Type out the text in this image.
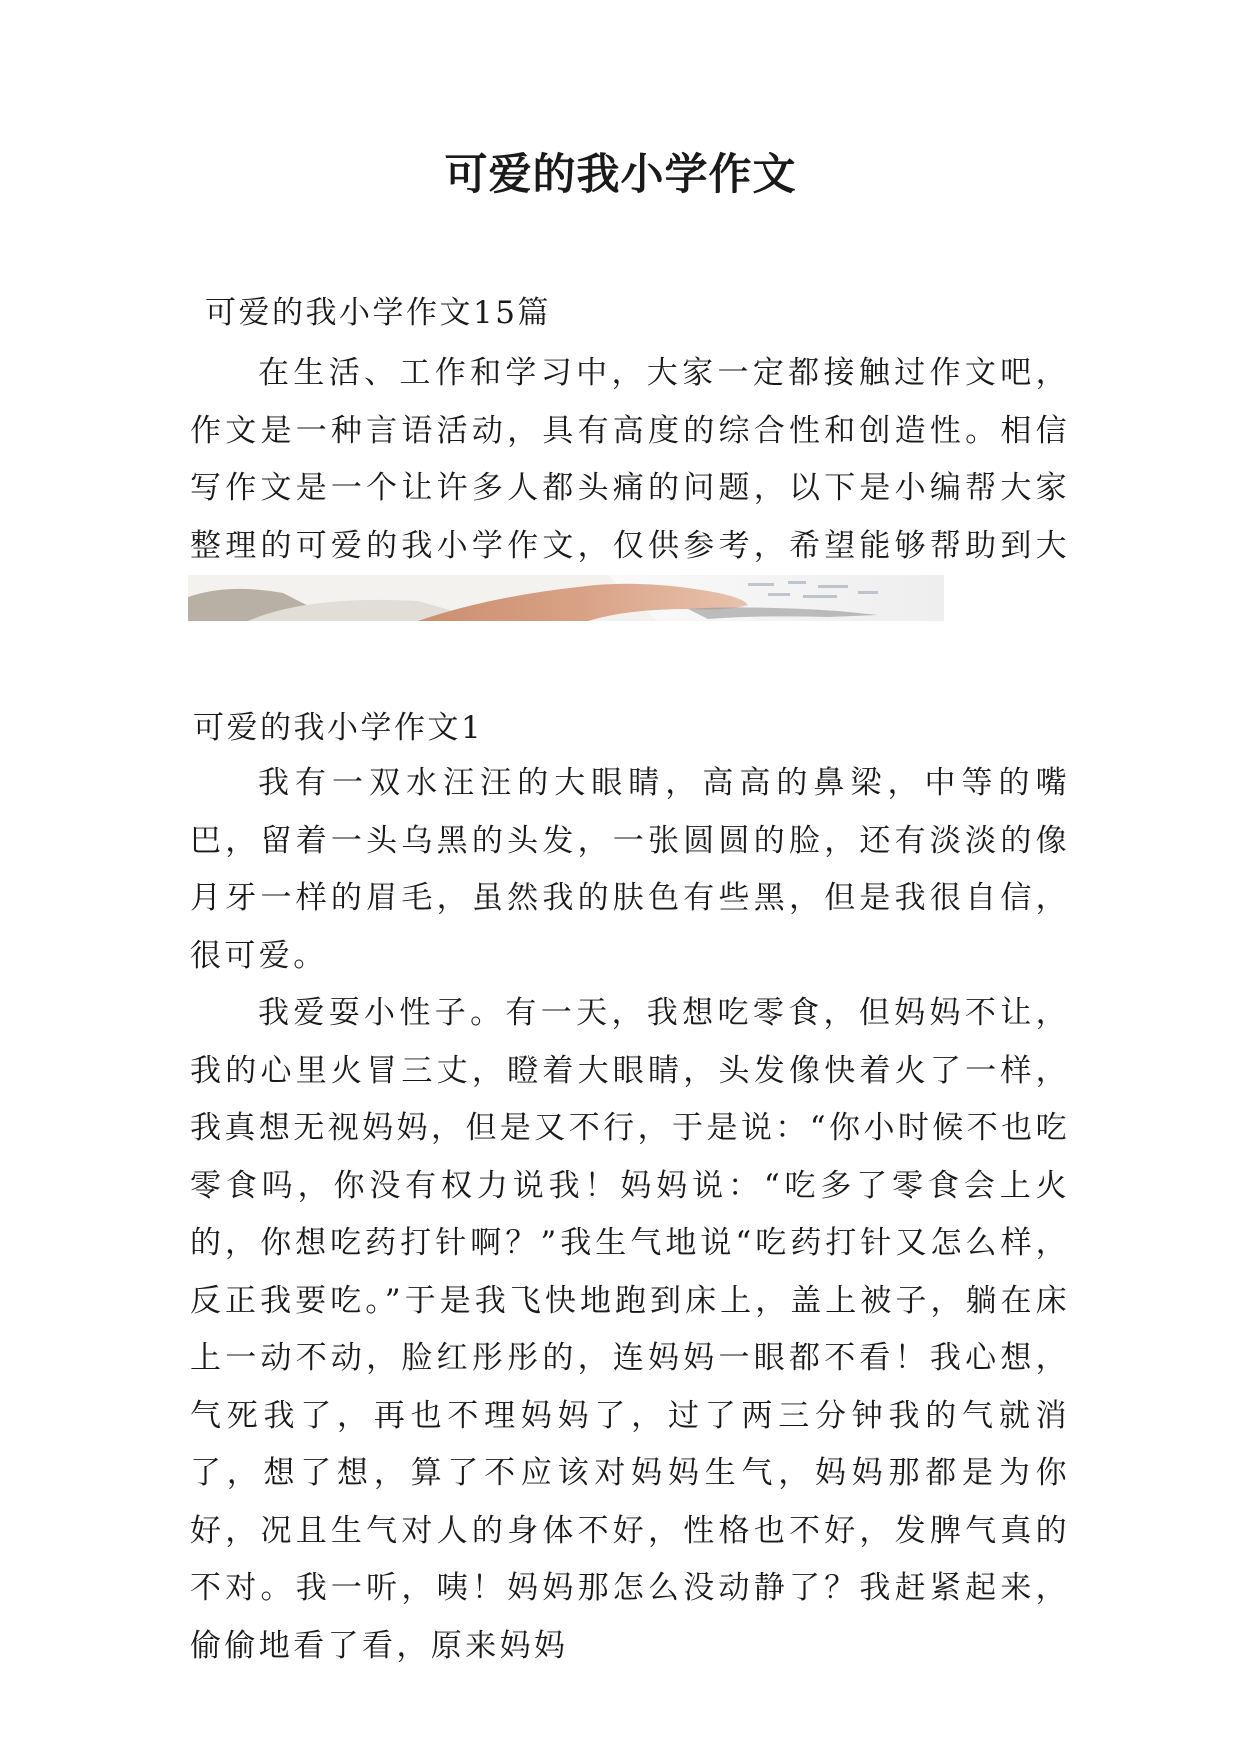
可爱的我小学作文
可爱的我小学作文15篇

在生活、工作和学习中，大家一定都接触过作文吧，作文是一种言语活动，具有高度的综合性和创造性。相信写作文是一个让许多人都头痛的问题，以下是小编帮大家整理的可爱的我小学作文，仅供参考，希望能够帮助到大

可爱的我小学作文1

我有一双水汪汪的大眼睛，高高的鼻梁，中等的嘴巴，留着一头乌黑的头发，一张圆圆的脸，还有淡淡的像月牙一样的眉毛，虽然我的肤色有些黑，但是我很自信，很可爱。

我爱耍小性子。有一天，我想吃零食，但妈妈不让，我的心里火冒三丈，瞪着大眼睛，头发像快着火了一样，我真想无视妈妈，但是又不行，于是说：“你小时候不也吃零食吗，你没有权力说我！妈妈说：“吃多了零食会上火的，你想吃药打针啊？”我生气地说“吃药打针又怎么样，反正我要吃。”于是我飞快地跑到床上，盖上被子，躺在床上一动不动，脸红彤彤的，连妈妈一眼都不看！我心想，气死我了，再也不理妈妈了，过了两三分钟我的气就消了，想了想，算了不应该对妈妈生气，妈妈那都是为你好，况且生气对人的身体不好，性格也不好，发脾气真的不对。我一听，咦！妈妈那怎么没动静了？我赶紧起来，偷偷地看了看，原来妈妈
